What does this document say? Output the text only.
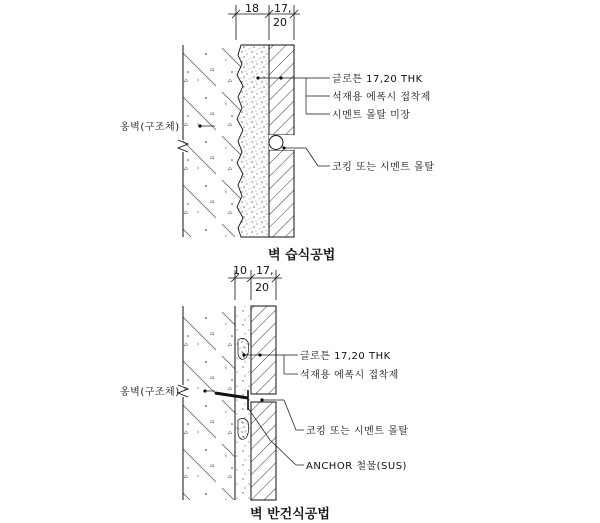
18 17,
20
글로튼 17,20 THK
석재용 에폭시 접착제
시멘트 몰탈 미장
코킹 또는 시멘트 몰탈
옹벽(구조체)
벽 습식공법
10 17,
20
글로튼 17,20 THK
석재용 에폭시 접착제
코킹 또는 시멘트 몰탈
ANCHOR 철물(SUS)
옹벽(구조체)
벽 반건식공법
